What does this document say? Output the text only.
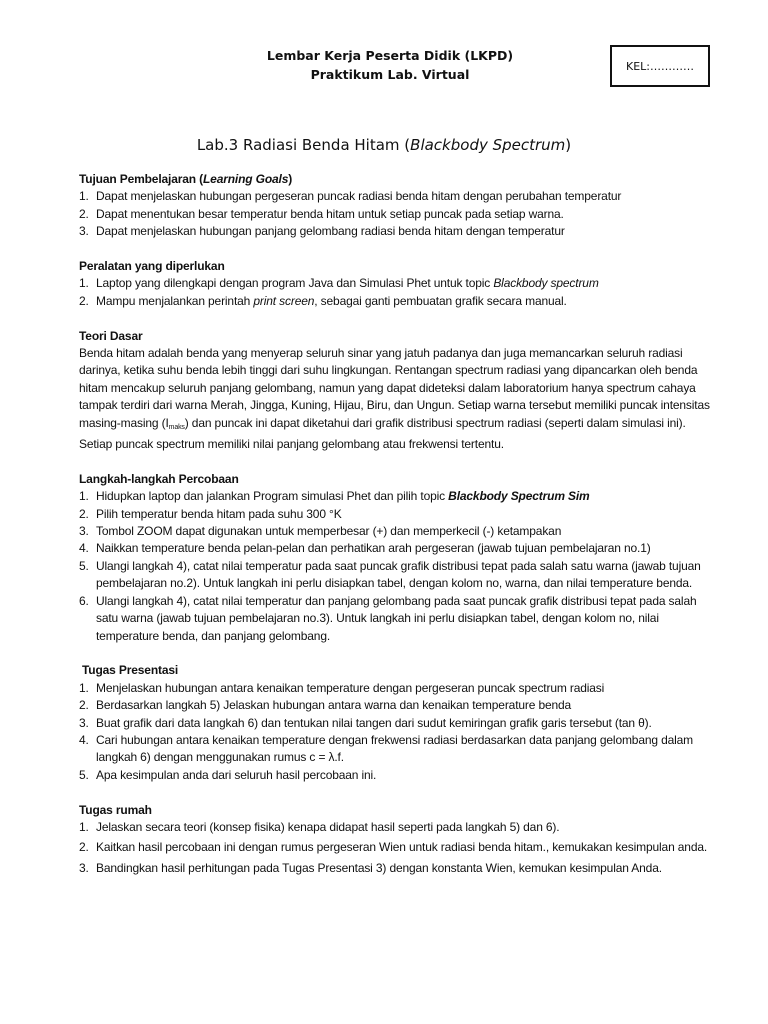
Lembar Kerja Peserta Didik (LKPD)
Praktikum Lab. Virtual
KEL:…………
Lab.3 Radiasi Benda Hitam (Blackbody Spectrum)
Tujuan Pembelajaran (Learning Goals)
1. Dapat menjelaskan hubungan pergeseran puncak radiasi benda hitam dengan perubahan temperatur
2. Dapat menentukan besar temperatur benda hitam untuk setiap puncak pada setiap warna.
3. Dapat menjelaskan hubungan panjang gelombang radiasi benda hitam dengan temperatur
Peralatan yang diperlukan
1. Laptop yang dilengkapi dengan program Java dan Simulasi Phet untuk topic Blackbody spectrum
2. Mampu menjalankan perintah print screen, sebagai ganti pembuatan grafik secara manual.
Teori Dasar
Benda hitam adalah benda yang menyerap seluruh sinar yang jatuh padanya dan juga memancarkan seluruh radiasi darinya, ketika suhu benda lebih tinggi dari suhu lingkungan. Rentangan spectrum radiasi yang dipancarkan oleh benda hitam mencakup seluruh panjang gelombang, namun yang dapat dideteksi dalam laboratorium hanya spectrum cahaya tampak terdiri dari warna Merah, Jingga, Kuning, Hijau, Biru, dan Ungun. Setiap warna tersebut memiliki puncak intensitas masing-masing $(I_{maks})$ dan puncak ini dapat diketahui dari grafik distribusi spectrum radiasi (seperti dalam simulasi ini). Setiap puncak spectrum memiliki nilai panjang gelombang atau frekwensi tertentu.
Langkah-langkah Percobaan
1. Hidupkan laptop dan jalankan Program simulasi Phet dan pilih topic Blackbody Spectrum Sim
2. Pilih temperatur benda hitam pada suhu 300 °K
3. Tombol ZOOM dapat digunakan untuk memperbesar (+) dan memperkecil (-) ketampakan
4. Naikkan temperature benda pelan-pelan dan perhatikan arah pergeseran (jawab tujuan pembelajaran no.1)
5. Ulangi langkah 4), catat nilai temperatur pada saat puncak grafik distribusi tepat pada salah satu warna (jawab tujuan pembelajaran no.2). Untuk langkah ini perlu disiapkan tabel, dengan kolom no, warna, dan nilai temperature benda.
6. Ulangi langkah 4), catat nilai temperatur dan panjang gelombang pada saat puncak grafik distribusi tepat pada salah satu warna (jawab tujuan pembelajaran no.3). Untuk langkah ini perlu disiapkan tabel, dengan kolom no, nilai temperature benda, dan panjang gelombang.
Tugas Presentasi
1. Menjelaskan hubungan antara kenaikan temperature dengan pergeseran puncak spectrum radiasi
2. Berdasarkan langkah 5) Jelaskan hubungan antara warna dan kenaikan temperature benda
3. Buat grafik dari data langkah 6) dan tentukan nilai tangen dari sudut kemiringan grafik garis tersebut (tan θ).
4. Cari hubungan antara kenaikan temperature dengan frekwensi radiasi berdasarkan data panjang gelombang dalam langkah 6) dengan menggunakan rumus c = λ.f.
5. Apa kesimpulan anda dari seluruh hasil percobaan ini.
Tugas rumah
1. Jelaskan secara teori (konsep fisika) kenapa didapat hasil seperti pada langkah 5) dan 6).
2. Kaitkan hasil percobaan ini dengan rumus pergeseran Wien untuk radiasi benda hitam., kemukakan kesimpulan anda.
3. Bandingkan hasil perhitungan pada Tugas Presentasi 3) dengan konstanta Wien, kemukan kesimpulan Anda.
